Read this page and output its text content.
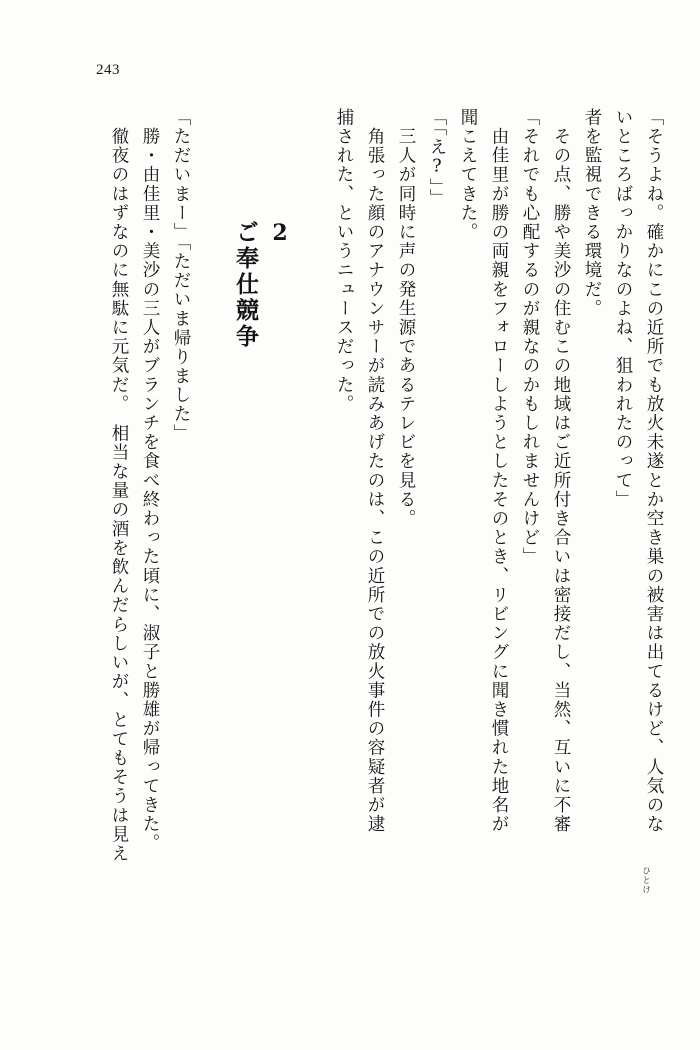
243
「そうよね。確かにこの近所でも放火未遂とか空き巣の被害は出てるけど、人気のな
いところばっかりなのよね、狙われたのって」
者を監視できる環境だ。
　その点、勝や美沙の住むこの地域はご近所付き合いは密接だし、当然、互いに不審
「それでも心配するのが親なのかもしれませんけど」
　由佳里が勝の両親をフォローしようとしたそのとき、リビングに聞き慣れた地名が
聞こえてきた。
「「え?」」
　三人が同時に声の発生源であるテレビを見る。
　角張った顔のアナウンサーが読みあげたのは、この近所での放火事件の容疑者が逮
捕された、というニュースだった。
2
ご奉仕競争
「ただいまー」「ただいま帰りました」
　勝・由佳里・美沙の三人がブランチを食べ終わった頃に、淑子と勝雄が帰ってきた。
　徹夜のはずなのに無駄に元気だ。　相当な量の酒を飲んだらしいが、とてもそうは見え
ひとけ
